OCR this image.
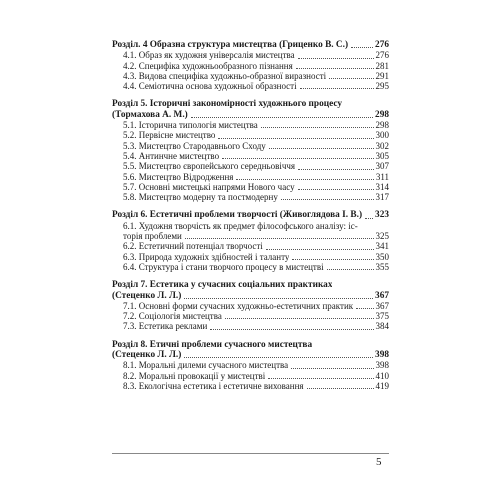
Розділ. 4 Образна структура мистецтва (Гриценко В. С.)	276
4.1. Образ як художня універсалія мистецтва	276
4.2. Специфіка художньообразного пізнання	281
4.3. Видова специфіка художньо-образної виразності	291
4.4. Семіотична основа художньої образності	295
Розділ 5. Історичні закономірності художнього процесу
(Тормахова А. М.)	298
5.1. Історична типологія мистецтва	298
5.2. Первісне мистецтво	300
5.3. Мистецтво Стародавнього Сходу	302
5.4. Антинчне мистецтво	305
5.5. Мистецтво європейського середньовіччя	307
5.6. Мистецтво Відродження	311
5.7. Основні мистецькі напрями Нового часу	314
5.8. Мистецтво модерну та постмодерну	317
Розділ 6. Естетичні проблеми творчості (Живоглядова І. В.) 323
6.1. Художня творчість як предмет філософського аналізу: іс-
торія проблеми	325
6.2. Естетичний потенціал творчості	341
6.3. Природа художніх здібностей і таланту	350
6.4. Структура і стани творчого процесу в мистецтві	355
Розділ 7. Естетика у сучасних соціальних практиках
(Стеценко Л. Л.)	367
7.1. Основні форми сучасних художньо-естетичних практик 367
7.2. Соціологія мистецтва	375
7.3. Естетика реклами	384
Розділ 8. Етичні проблеми сучасного мистецтва
(Стеценко Л. Л.)	398
8.1. Моральні дилеми сучасного мистецтва	398
8.2. Моральні провокації у мистецтві	410
8.3. Екологічна естетика і естетичне виховання	419
5
